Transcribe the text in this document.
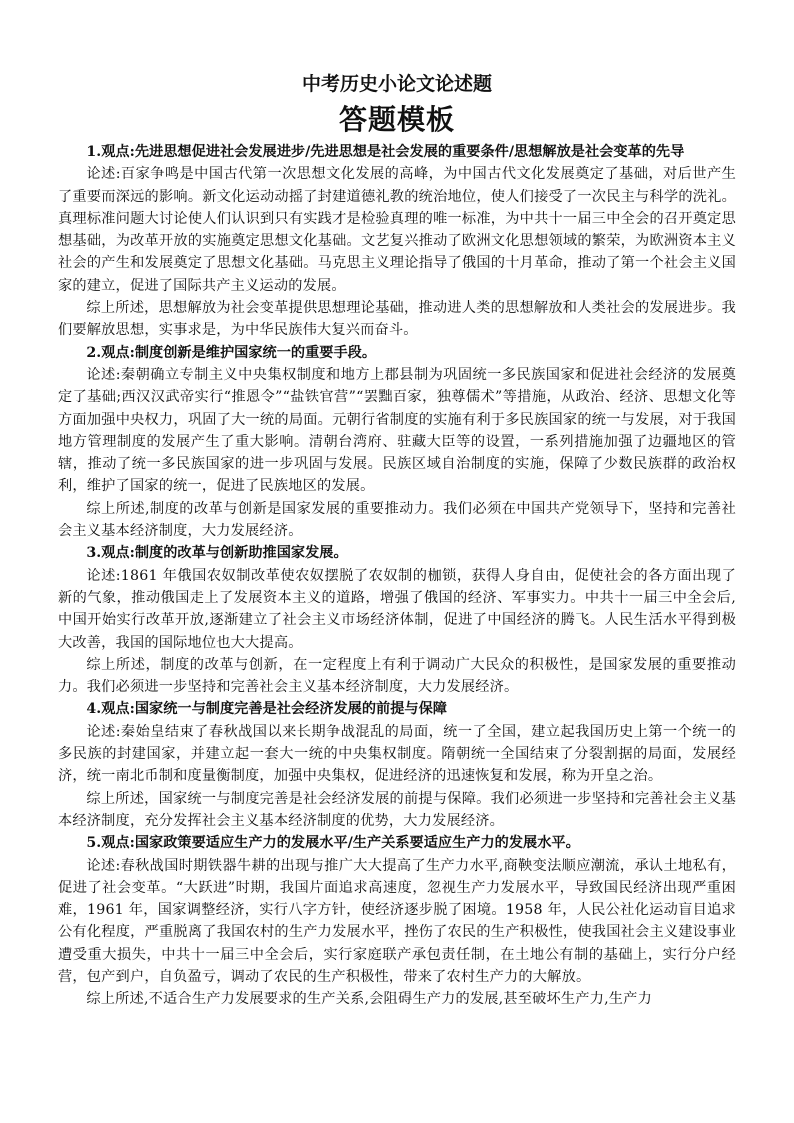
中考历史小论文论述题
答题模板

1.观点:先进思想促进社会发展进步/先进思想是社会发展的重要条件/思想解放是社会变革的先导

论述:百家争鸣是中国古代第一次思想文化发展的高峰，为中国古代文化发展奠定了基础，对后世产生了重要而深远的影响。新文化运动动摇了封建道德礼教的统治地位，使人们接受了一次民主与科学的洗礼。真理标准问题大讨论使人们认识到只有实践才是检验真理的唯一标准，为中共十一届三中全会的召开奠定思想基础，为改革开放的实施奠定思想文化基础。文艺复兴推动了欧洲文化思想领域的繁荣，为欧洲资本主义社会的产生和发展奠定了思想文化基础。马克思主义理论指导了俄国的十月革命，推动了第一个社会主义国家的建立，促进了国际共产主义运动的发展。

综上所述，思想解放为社会变革提供思想理论基础，推动进人类的思想解放和人类社会的发展进步。我们要解放思想，实事求是，为中华民族伟大复兴而奋斗。

2.观点:制度创新是维护国家统一的重要手段。

论述:秦朝确立专制主义中央集权制度和地方上郡县制为巩固统一多民族国家和促进社会经济的发展奠定了基础;西汉汉武帝实行“推恩令”“盐铁官营”“罢黜百家，独尊儒术”等措施，从政治、经济、思想文化等方面加强中央权力，巩固了大一统的局面。元朝行省制度的实施有利于多民族国家的统一与发展，对于我国地方管理制度的发展产生了重大影响。清朝台湾府、驻藏大臣等的设置，一系列措施加强了边疆地区的管辖，推动了统一多民族国家的进一步巩固与发展。民族区域自治制度的实施，保障了少数民族群的政治权利，维护了国家的统一，促进了民族地区的发展。

综上所述,制度的改革与创新是国家发展的重要推动力。我们必须在中国共产党领导下，坚持和完善社会主义基本经济制度，大力发展经济。

3.观点:制度的改革与创新助推国家发展。

论述:1861 年俄国农奴制改革使农奴摆脱了农奴制的枷锁，获得人身自由，促使社会的各方面出现了新的气象，推动俄国走上了发展资本主义的道路，增强了俄国的经济、军事实力。中共十一届三中全会后,中国开始实行改革开放,逐渐建立了社会主义市场经济体制，促进了中国经济的腾飞。人民生活水平得到极大改善，我国的国际地位也大大提高。

综上所述，制度的改革与创新，在一定程度上有利于调动广大民众的积极性，是国家发展的重要推动力。我们必须进一步坚持和完善社会主义基本经济制度，大力发展经济。

4.观点:国家统一与制度完善是社会经济发展的前提与保障

论述:秦始皇结束了春秋战国以来长期争战混乱的局面，统一了全国，建立起我国历史上第一个统一的多民族的封建国家，并建立起一套大一统的中央集权制度。隋朝统一全国结束了分裂割据的局面，发展经济，统一南北币制和度量衡制度，加强中央集权，促进经济的迅速恢复和发展，称为开皇之治。

综上所述，国家统一与制度完善是社会经济发展的前提与保障。我们必须进一步坚持和完善社会主义基本经济制度，充分发挥社会主义基本经济制度的优势，大力发展经济。

5.观点:国家政策要适应生产力的发展水平/生产关系要适应生产力的发展水平。

论述:春秋战国时期铁器牛耕的出现与推广大大提高了生产力水平,商鞅变法顺应潮流，承认土地私有，促进了社会变革。“大跃进”时期，我国片面追求高速度，忽视生产力发展水平，导致国民经济出现严重困难，1961 年，国家调整经济，实行八字方针，使经济逐步脱了困境。1958 年，人民公社化运动盲目追求公有化程度，严重脱离了我国农村的生产力发展水平，挫伤了农民的生产积极性，使我国社会主义建设事业遭受重大损失，中共十一届三中全会后，实行家庭联产承包责任制，在土地公有制的基础上，实行分户经营，包产到户，自负盈亏，调动了农民的生产积极性，带来了农村生产力的大解放。

综上所述,不适合生产力发展要求的生产关系,会阻碍生产力的发展,甚至破坏生产力,生产力
